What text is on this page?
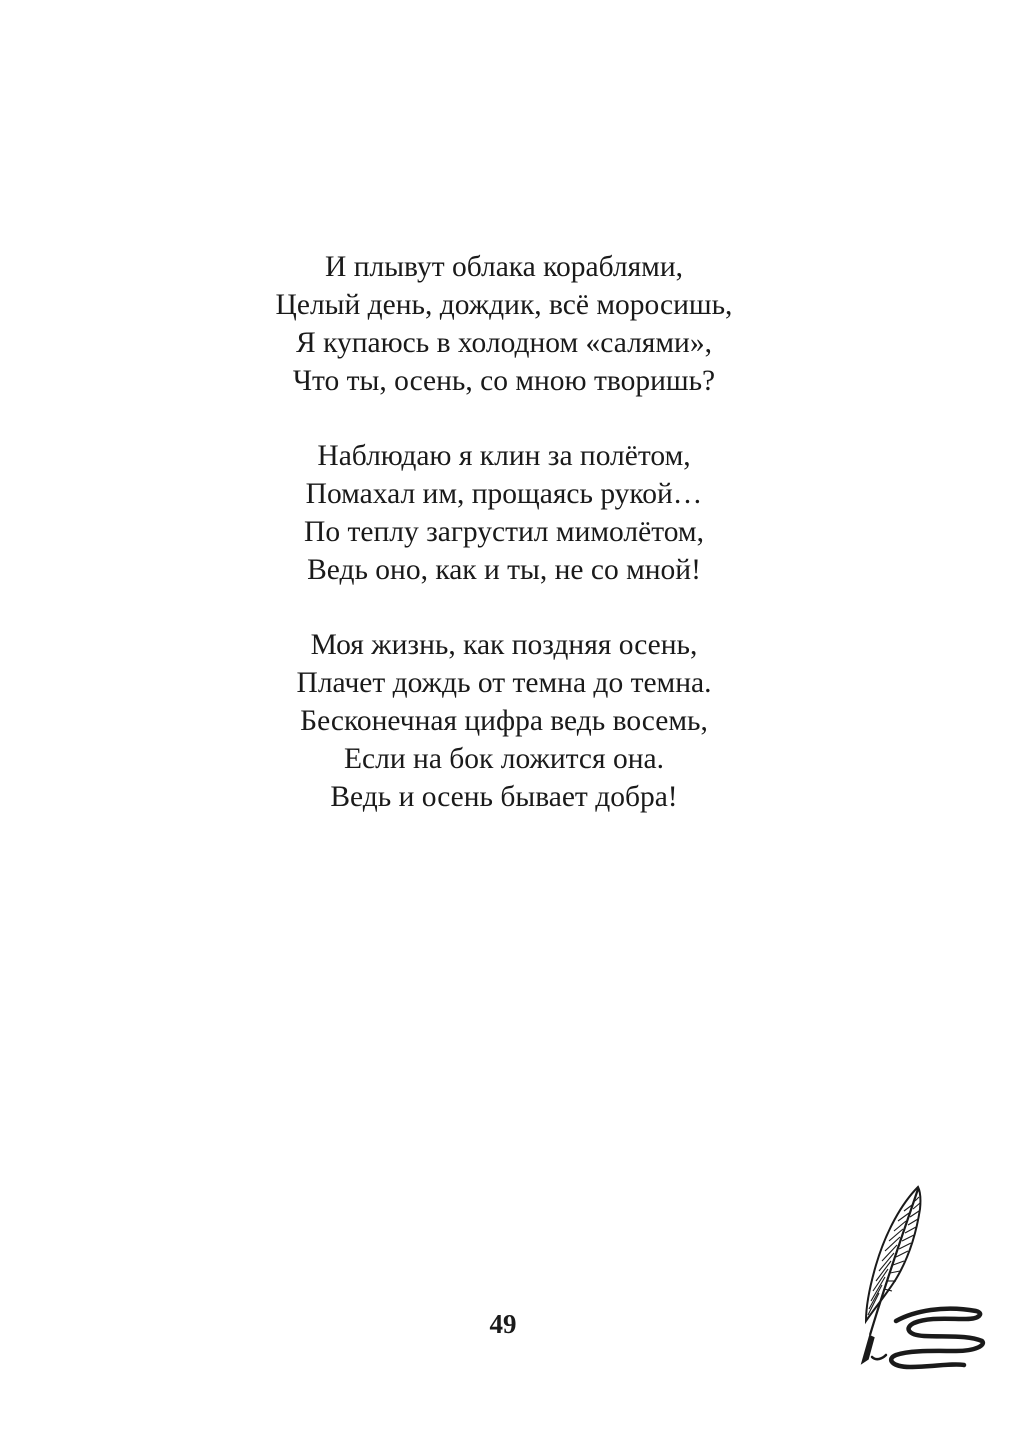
И плывут облака кораблями,
Целый день, дождик, всё моросишь,
Я купаюсь в холодном «салями»,
Что ты, осень, со мною творишь?
Наблюдаю я клин за полётом,
Помахал им, прощаясь рукой…
По теплу загрустил мимолётом,
Ведь оно, как и ты, не со мной!
Моя жизнь, как поздняя осень,
Плачет дождь от темна до темна.
Бесконечная цифра ведь восемь,
Если на бок ложится она.
Ведь и осень бывает добра!
49
